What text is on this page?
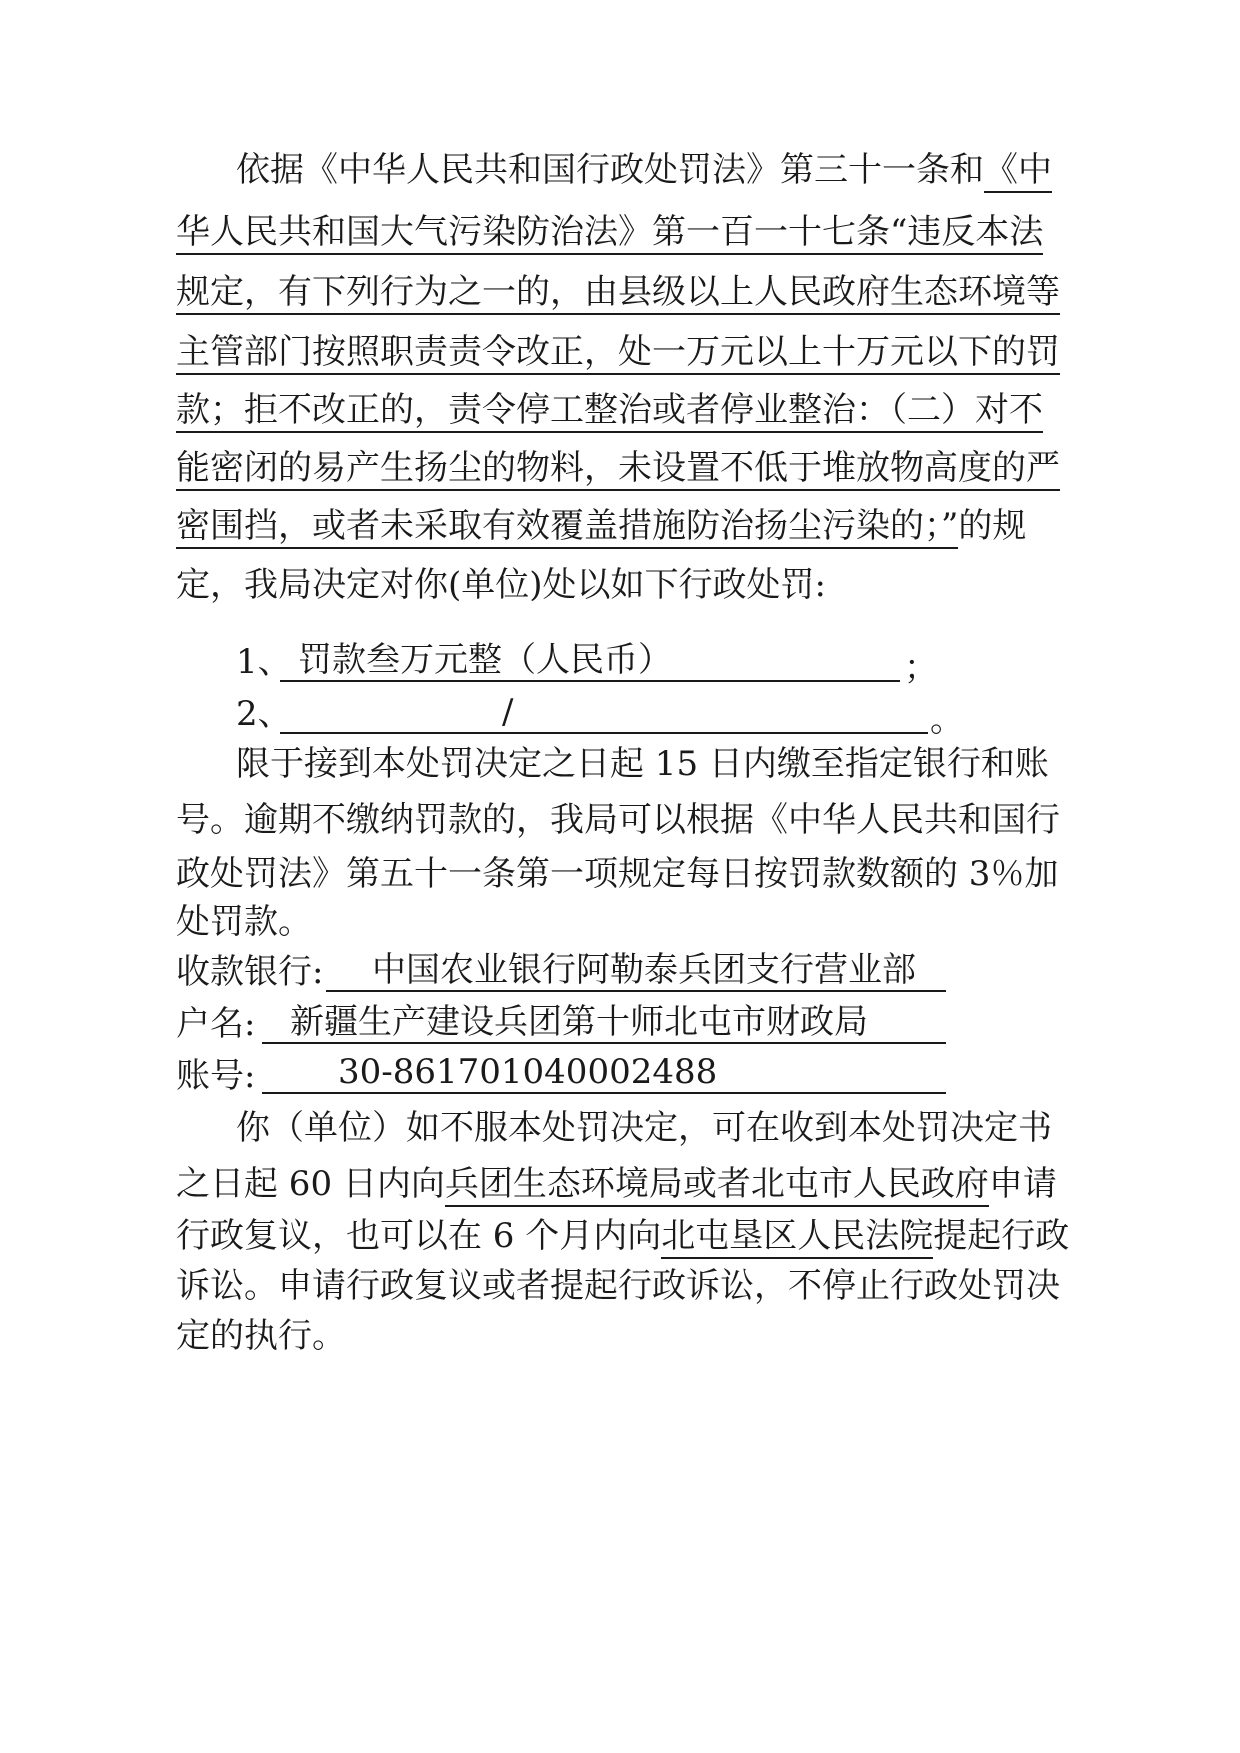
依据《中华人民共和国行政处罚法》第三十一条和《中
华人民共和国大气污染防治法》第一百一十七条“违反本法
规定，有下列行为之一的，由县级以上人民政府生态环境等
主管部门按照职责责令改正，处一万元以上十万元以下的罚
款；拒不改正的，责令停工整治或者停业整治：（二）对不
能密闭的易产生扬尘的物料，未设置不低于堆放物高度的严
密围挡，或者未采取有效覆盖措施防治扬尘污染的；”的规
定，我局决定对你(单位)处以如下行政处罚:
1、 罚款叁万元整（人民币）	；
2、	/	。
限于接到本处罚决定之日起 15 日内缴至指定银行和账
号。逾期不缴纳罚款的，我局可以根据《中华人民共和国行
政处罚法》第五十一条第一项规定每日按罚款数额的 3％加
处罚款。
收款银行:	中国农业银行阿勒泰兵团支行营业部
户名:	新疆生产建设兵团第十师北屯市财政局
账号:	30-861701040002488
你（单位）如不服本处罚决定，可在收到本处罚决定书
之日起 60 日内向兵团生态环境局或者北屯市人民政府申请
行政复议，也可以在 6 个月内向北屯垦区人民法院提起行政
诉讼。申请行政复议或者提起行政诉讼，不停止行政处罚决
定的执行。
